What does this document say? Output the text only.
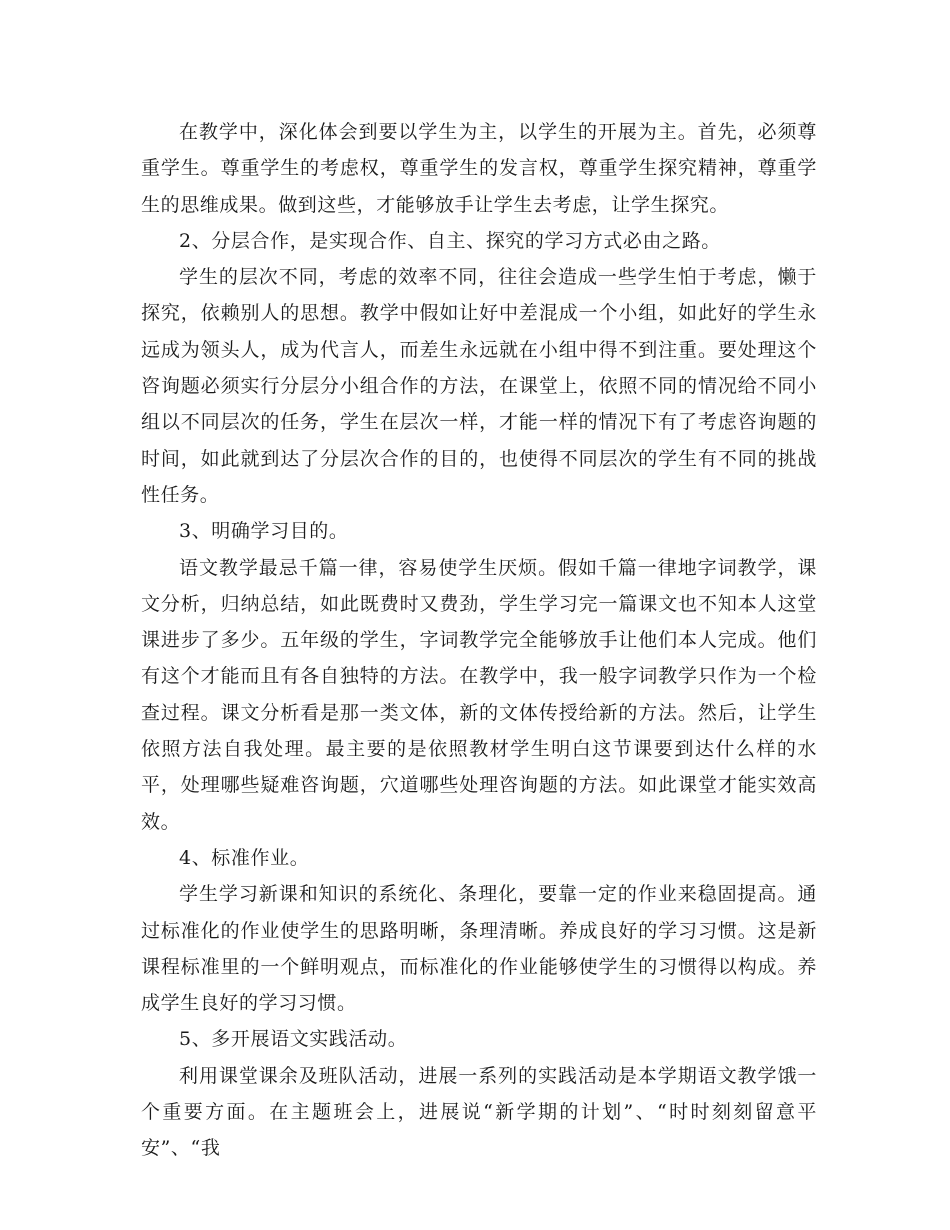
在教学中，深化体会到要以学生为主，以学生的开展为主。首先，必须尊重学生。尊重学生的考虑权，尊重学生的发言权，尊重学生探究精神，尊重学生的思维成果。做到这些，才能够放手让学生去考虑，让学生探究。

2、分层合作，是实现合作、自主、探究的学习方式必由之路。

学生的层次不同，考虑的效率不同，往往会造成一些学生怕于考虑，懒于探究，依赖别人的思想。教学中假如让好中差混成一个小组，如此好的学生永远成为领头人，成为代言人，而差生永远就在小组中得不到注重。要处理这个咨询题必须实行分层分小组合作的方法，在课堂上，依照不同的情况给不同小组以不同层次的任务，学生在层次一样，才能一样的情况下有了考虑咨询题的时间，如此就到达了分层次合作的目的，也使得不同层次的学生有不同的挑战性任务。

3、明确学习目的。

语文教学最忌千篇一律，容易使学生厌烦。假如千篇一律地字词教学，课文分析，归纳总结，如此既费时又费劲，学生学习完一篇课文也不知本人这堂课进步了多少。五年级的学生，字词教学完全能够放手让他们本人完成。他们有这个才能而且有各自独特的方法。在教学中，我一般字词教学只作为一个检查过程。课文分析看是那一类文体，新的文体传授给新的方法。然后，让学生依照方法自我处理。最主要的是依照教材学生明白这节课要到达什么样的水平，处理哪些疑难咨询题，穴道哪些处理咨询题的方法。如此课堂才能实效高效。

4、标准作业。

学生学习新课和知识的系统化、条理化，要靠一定的作业来稳固提高。通过标准化的作业使学生的思路明晰，条理清晰。养成良好的学习习惯。这是新课程标准里的一个鲜明观点，而标准化的作业能够使学生的习惯得以构成。养成学生良好的学习习惯。

5、多开展语文实践活动。

利用课堂课余及班队活动，进展一系列的实践活动是本学期语文教学饿一个重要方面。在主题班会上，进展说“新学期的计划”、“时时刻刻留意平安”、“我
